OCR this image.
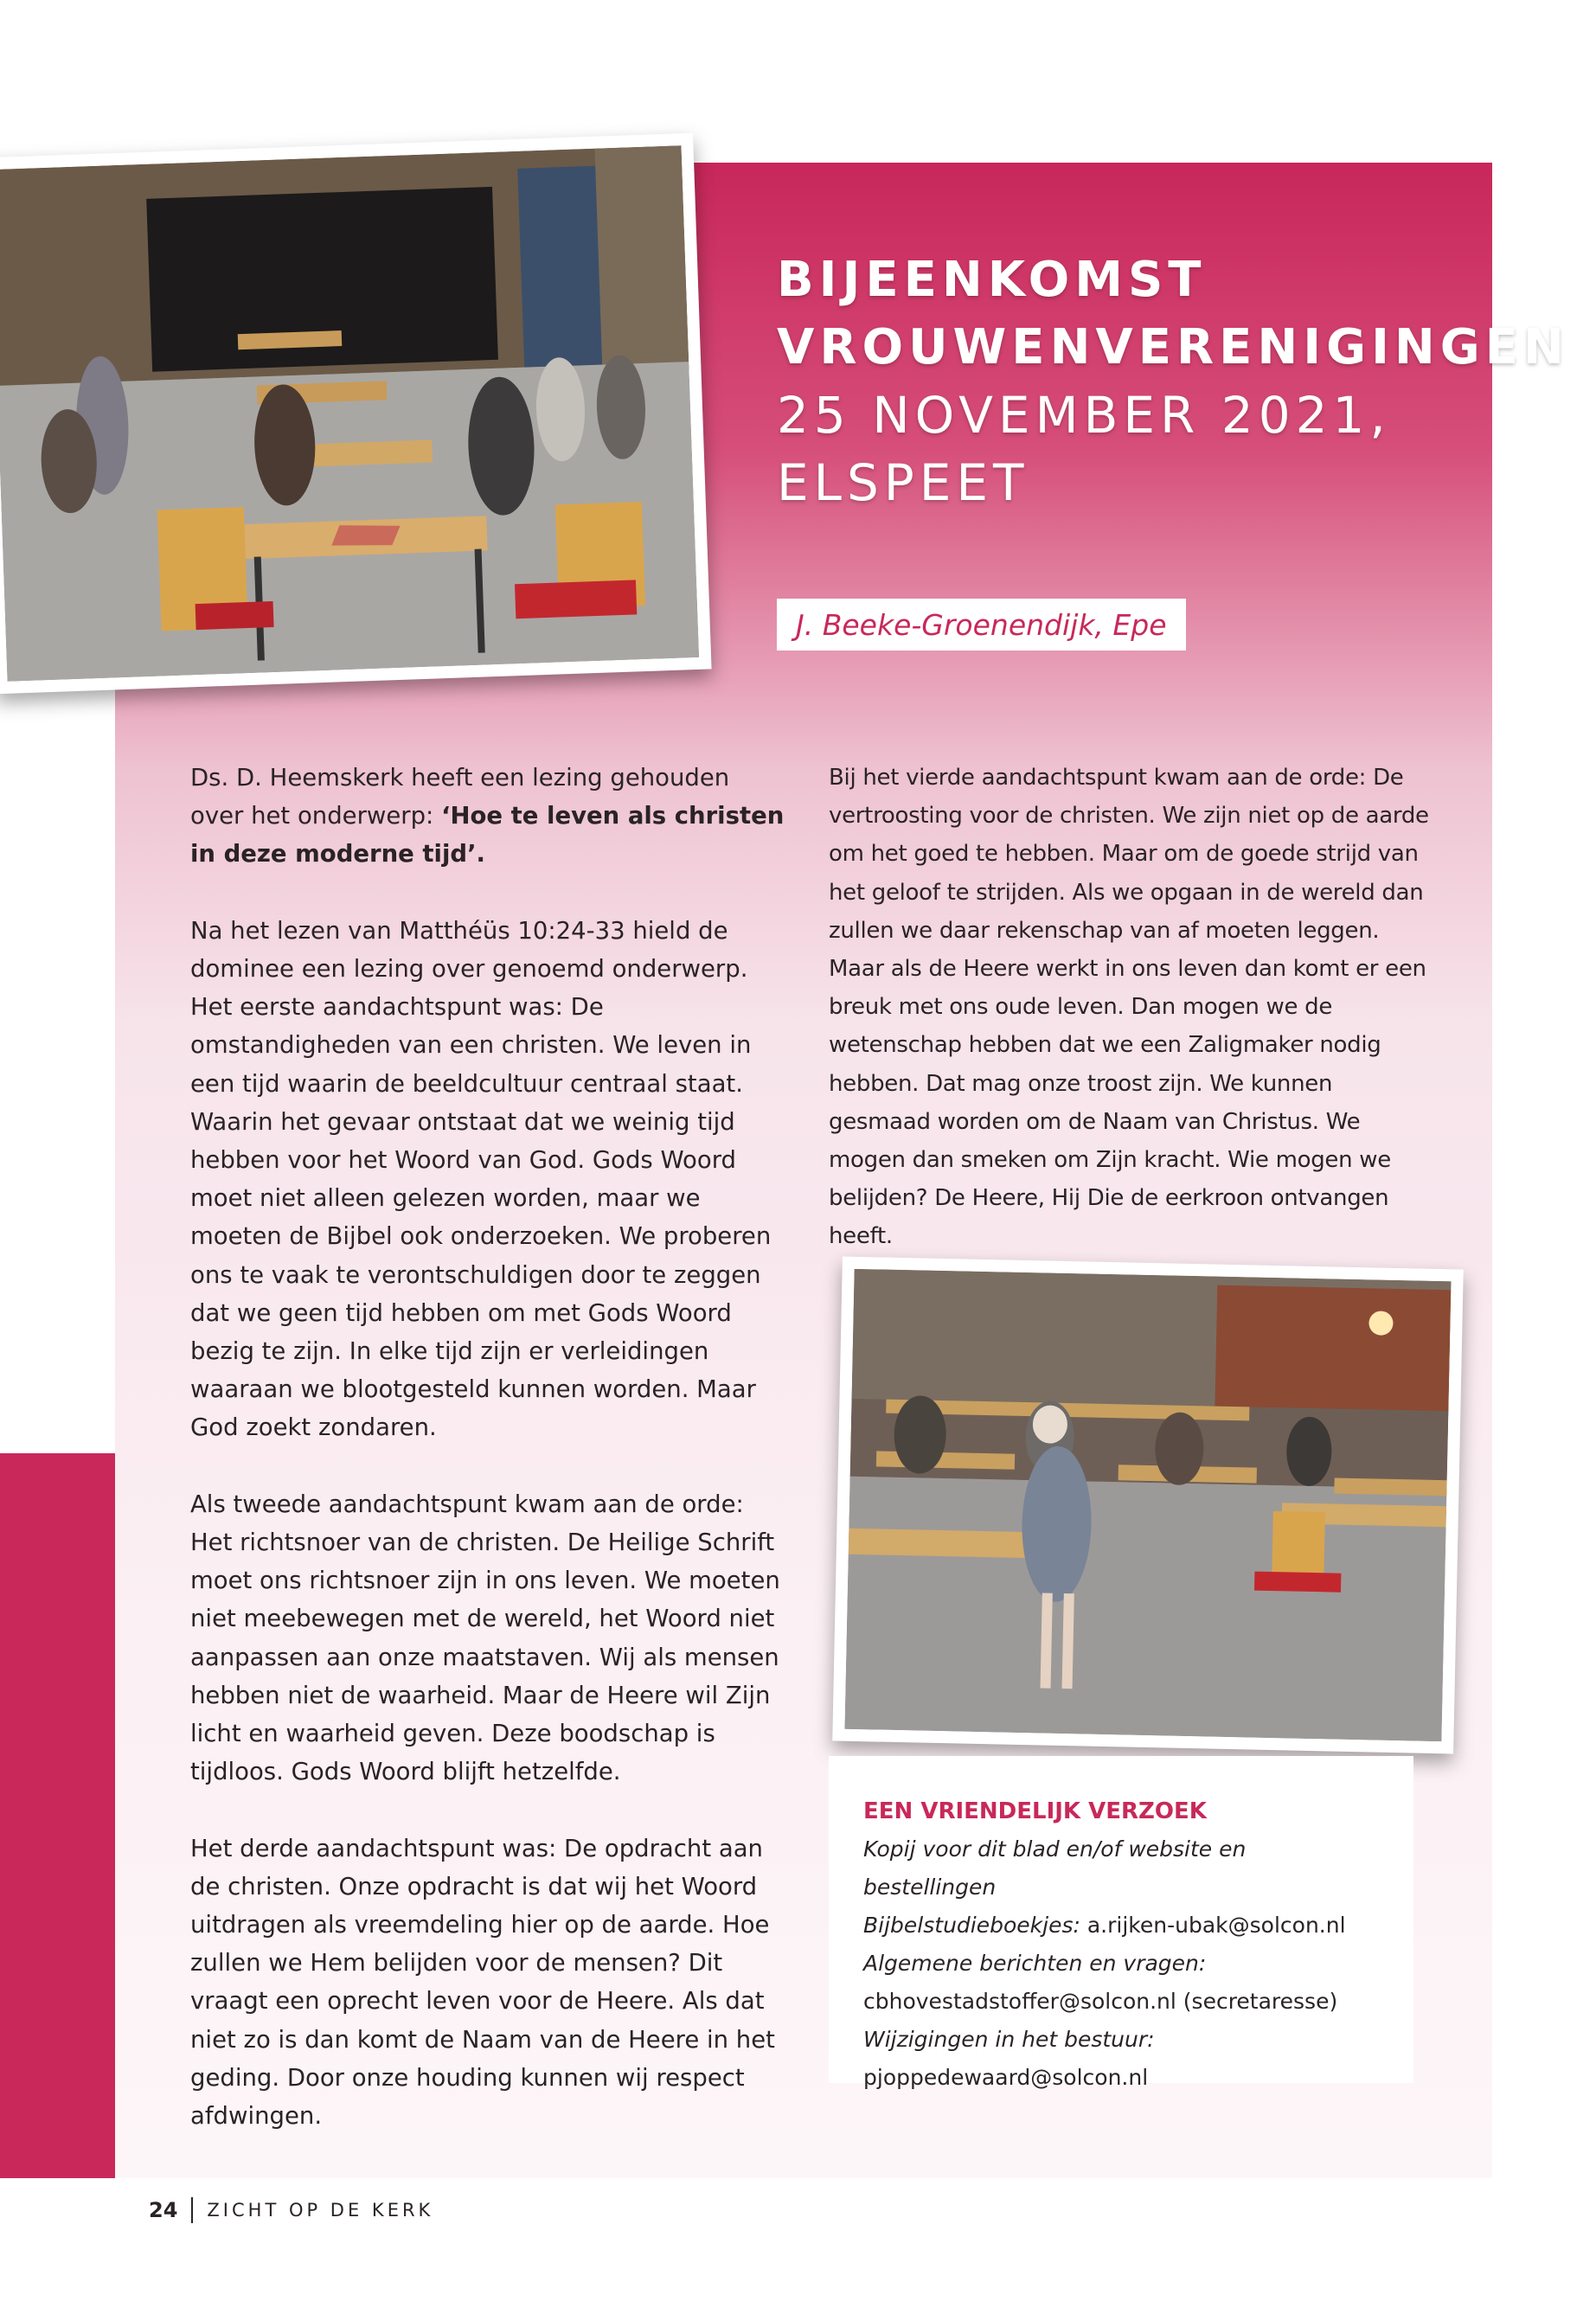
BIJEENKOMST
VROUWENVERENIGINGEN
25 NOVEMBER 2021,
ELSPEET
J. Beeke-Groenendijk, Epe

Ds. D. Heemskerk heeft een lezing gehouden over het onderwerp: ‘Hoe te leven als christen in deze moderne tijd’.

Na het lezen van Matthéüs 10:24-33 hield de dominee een lezing over genoemd onderwerp. Het eerste aandachtspunt was: De omstandigheden van een christen. We leven in een tijd waarin de beeldcultuur centraal staat. Waarin het gevaar ontstaat dat we weinig tijd hebben voor het Woord van God. Gods Woord moet niet alleen gelezen worden, maar we moeten de Bijbel ook onderzoeken. We proberen ons te vaak te verontschuldigen door te zeggen dat we geen tijd hebben om met Gods Woord bezig te zijn. In elke tijd zijn er verleidingen waaraan we blootgesteld kunnen worden. Maar God zoekt zondaren.

Als tweede aandachtspunt kwam aan de orde: Het richtsnoer van de christen. De Heilige Schrift moet ons richtsnoer zijn in ons leven. We moeten niet meebewegen met de wereld, het Woord niet aanpassen aan onze maatstaven. Wij als mensen hebben niet de waarheid. Maar de Heere wil Zijn licht en waarheid geven. Deze boodschap is tijdloos. Gods Woord blijft hetzelfde.

Het derde aandachtspunt was: De opdracht aan de christen. Onze opdracht is dat wij het Woord uitdragen als vreemdeling hier op de aarde. Hoe zullen we Hem belijden voor de mensen? Dit vraagt een oprecht leven voor de Heere. Als dat niet zo is dan komt de Naam van de Heere in het geding. Door onze houding kunnen wij respect afdwingen.

Bij het vierde aandachtspunt kwam aan de orde: De vertroosting voor de christen. We zijn niet op de aarde om het goed te hebben. Maar om de goede strijd van het geloof te strijden. Als we opgaan in de wereld dan zullen we daar rekenschap van af moeten leggen. Maar als de Heere werkt in ons leven dan komt er een breuk met ons oude leven. Dan mogen we de wetenschap hebben dat we een Zaligmaker nodig hebben. Dat mag onze troost zijn. We kunnen gesmaad worden om de Naam van Christus. We mogen dan smeken om Zijn kracht. Wie mogen we belijden? De Heere, Hij Die de eerkroon ontvangen heeft.

EEN VRIENDELIJK VERZOEK
Kopij voor dit blad en/of website en bestellingen
Bijbelstudieboekjes: a.rijken-ubak@solcon.nl
Algemene berichten en vragen:
cbhovestadstoffer@solcon.nl (secretaresse)
Wijzigingen in het bestuur:
pjoppedewaard@solcon.nl
24 ZICHT OP DE KERK
